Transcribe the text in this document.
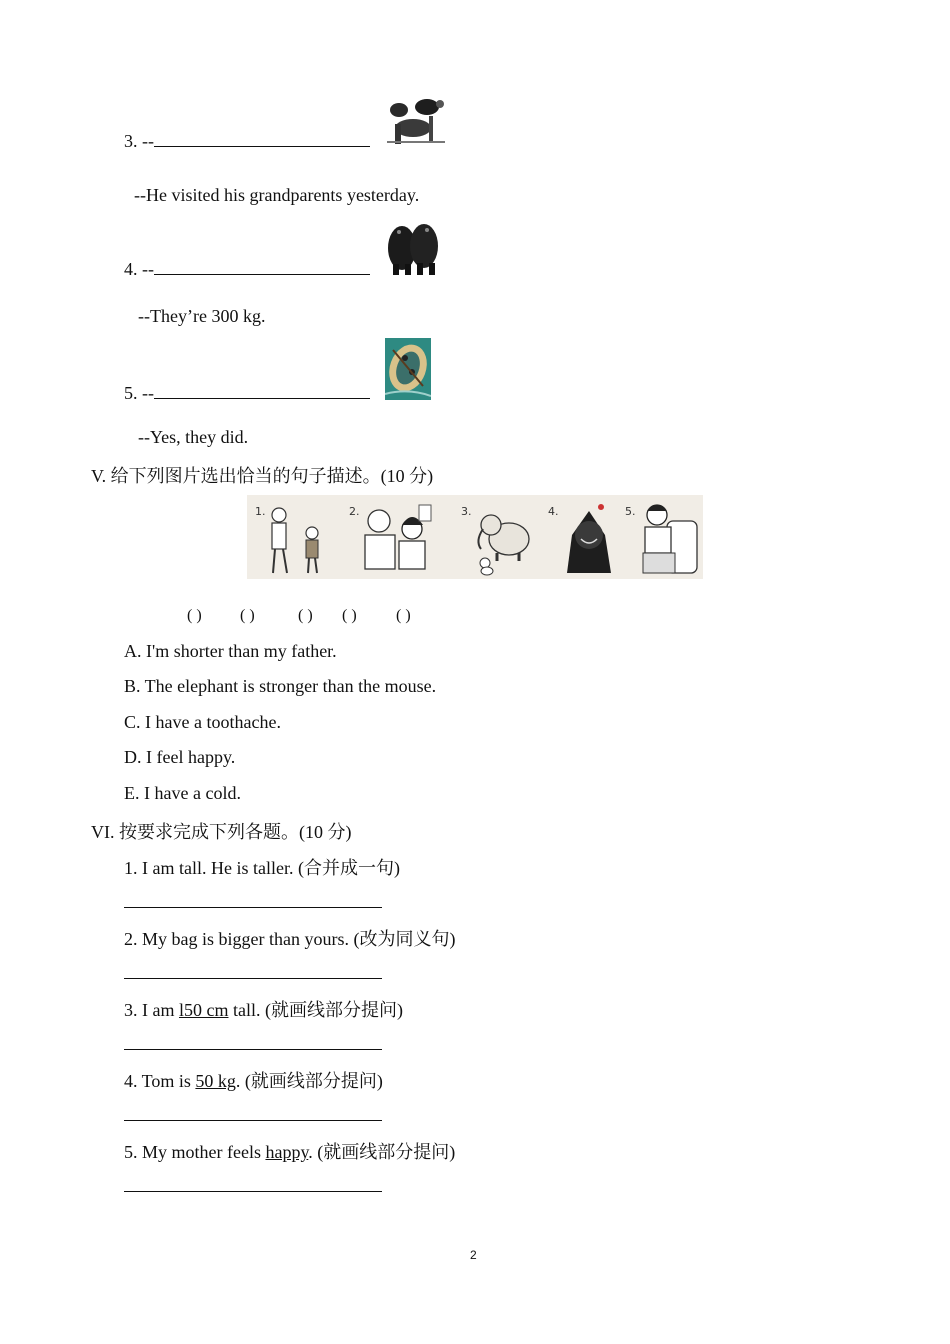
3. --
--He visited his grandparents yesterday.
4. --
--They’re 300 kg.
5. --
--Yes, they did.
V. 给下列图片选出恰当的句子描述。(10 分)
1.	2.	3.	4.	5.
( ) ( )	( ) ( ) ( )
A. I'm shorter than my father.
B. The elephant is stronger than the mouse.
C. I have a toothache.
D. I feel happy.
E. I have a cold.
VI. 按要求完成下列各题。(10 分)
1. I am tall. He is taller. (合并成一句)
2. My bag is bigger than yours. (改为同义句)
3. I am l50 cm tall. (就画线部分提问)
4. Tom is 50 kg. (就画线部分提问)
5. My mother feels happy. (就画线部分提问)
2
